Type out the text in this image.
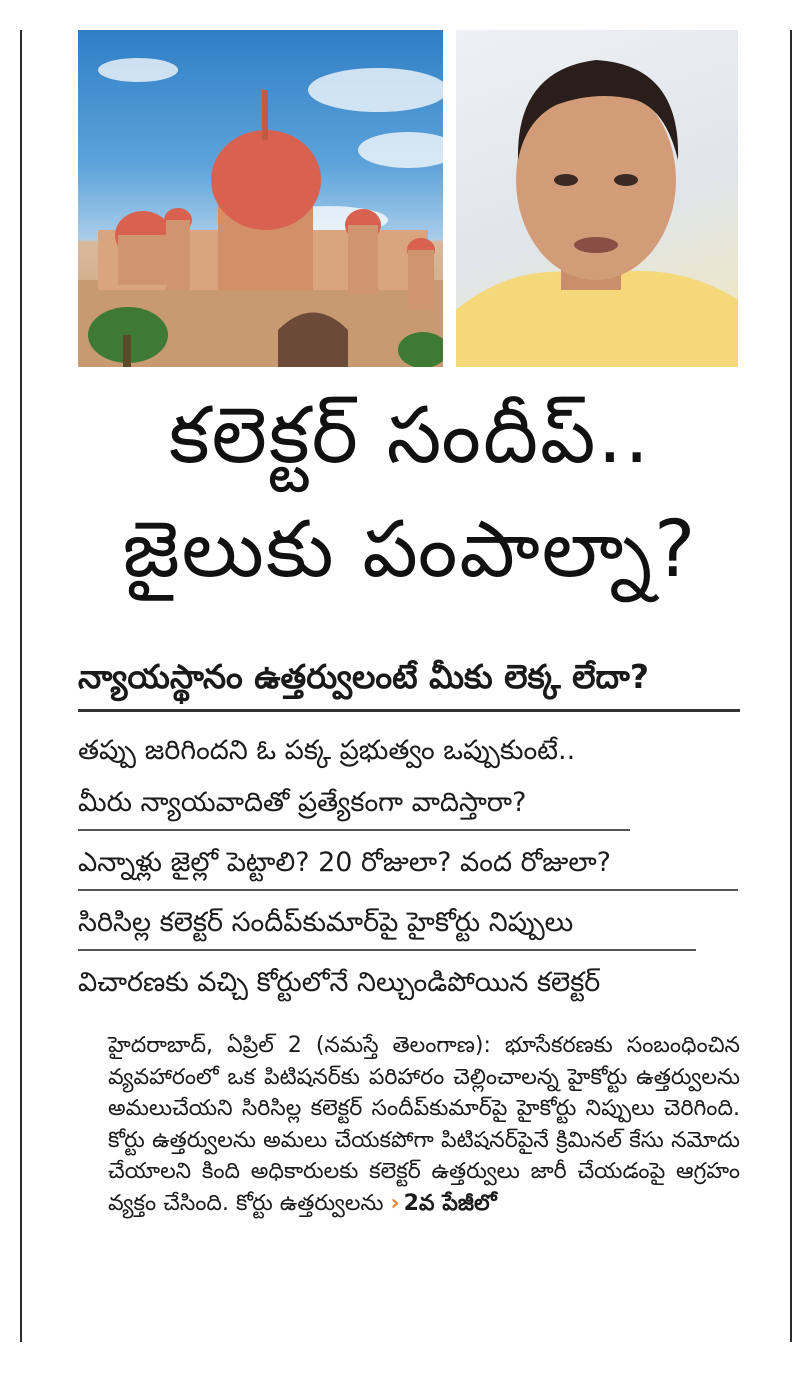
కలెక్టర్ సందీప్..
జైలుకు పంపాల్నా?
న్యాయస్థానం ఉత్తర్వులంటే మీకు లెక్క లేదా?
తప్పు జరిగిందని ఓ పక్క ప్రభుత్వం ఒప్పుకుంటే..
మీరు న్యాయవాదితో ప్రత్యేకంగా వాదిస్తారా?
ఎన్నాళ్లు జైల్లో పెట్టాలి? 20 రోజులా? వంద రోజులా?
సిరిసిల్ల కలెక్టర్ సందీప్‌కుమార్‌పై హైకోర్టు నిప్పులు
విచారణకు వచ్చి కోర్టులోనే నిల్చుండిపోయిన కలెక్టర్

హైదరాబాద్, ఏప్రిల్ 2 (నమస్తే తెలంగాణ): భూసేకరణకు సంబంధించిన వ్యవహారంలో ఒక పిటిషనర్‌కు పరిహారం చెల్లించాలన్న హైకోర్టు ఉత్తర్వులను అమలుచేయని సిరిసిల్ల కలెక్టర్ సందీప్‌కుమార్‌పై హైకోర్టు నిప్పులు చెరిగింది. కోర్టు ఉత్తర్వులను అమలు చేయకపోగా పిటిషనర్‌పైనే క్రిమినల్ కేసు నమోదు చేయాలని కింది అధికారులకు కలెక్టర్ ఉత్తర్వులు జారీ చేయడంపై ఆగ్రహం వ్యక్తం చేసింది. కోర్టు ఉత్తర్వులను › 2వ పేజీలో
